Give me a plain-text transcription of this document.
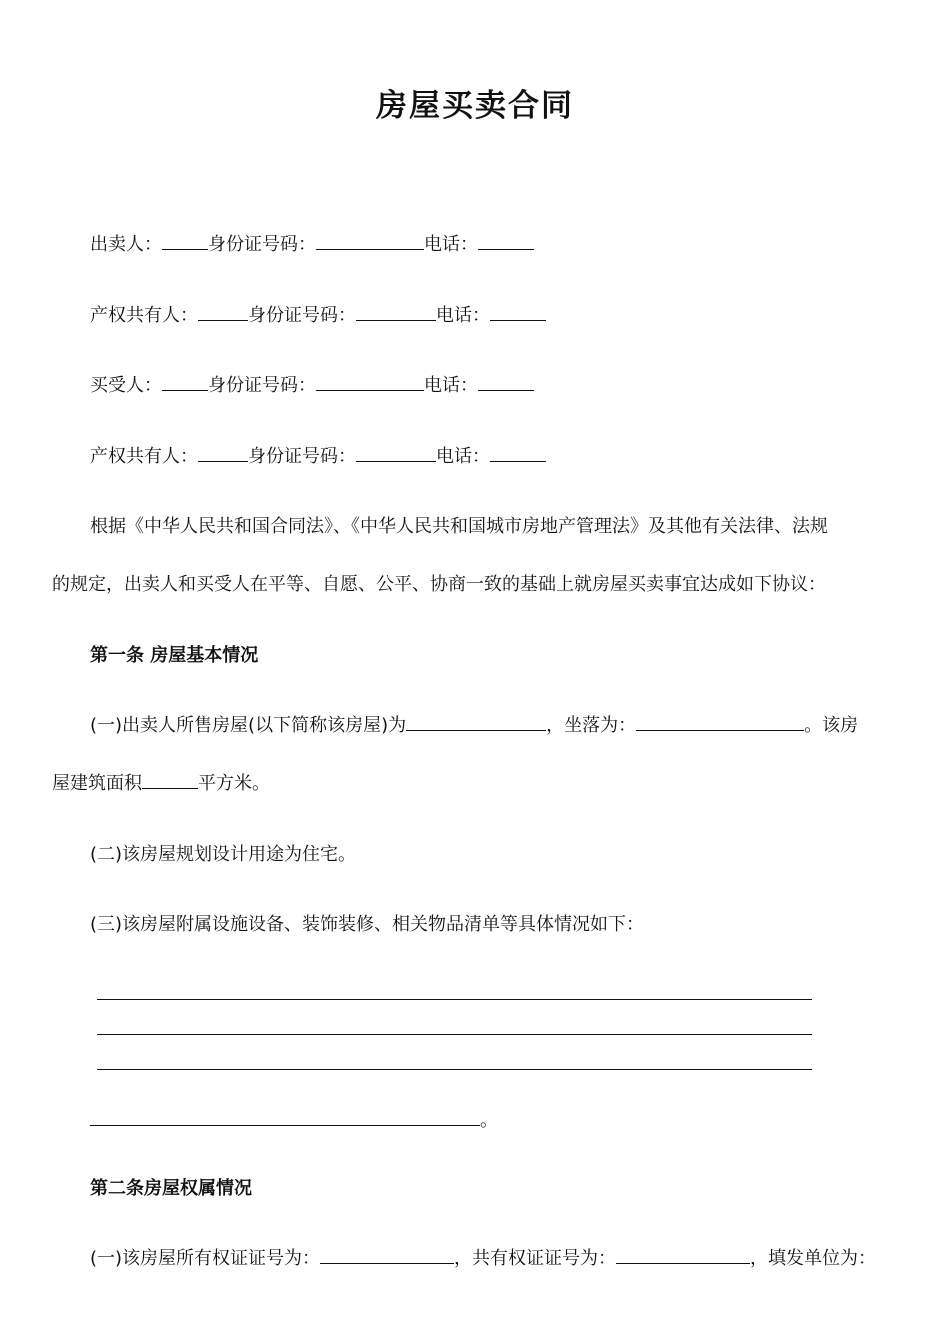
房屋买卖合同

出卖人：	身份证号码：	电话：

产权共有人：	身份证号码：	电话：

买受人：	身份证号码：	电话：

产权共有人：	身份证号码：	电话：

根据《中华人民共和国合同法》、《中华人民共和国城市房地产管理法》及其他有关法律、法规

的规定，出卖人和买受人在平等、自愿、公平、协商一致的基础上就房屋买卖事宜达成如下协议：

第一条 房屋基本情况

(一)出卖人所售房屋(以下简称该房屋)为	，坐落为：	。该房

屋建筑面积	平方米。

(二)该房屋规划设计用途为住宅。

(三)该房屋附属设施设备、装饰装修、相关物品清单等具体情况如下：

。

第二条房屋权属情况

(一)该房屋所有权证证号为：	，共有权证证号为：	，填发单位为：
